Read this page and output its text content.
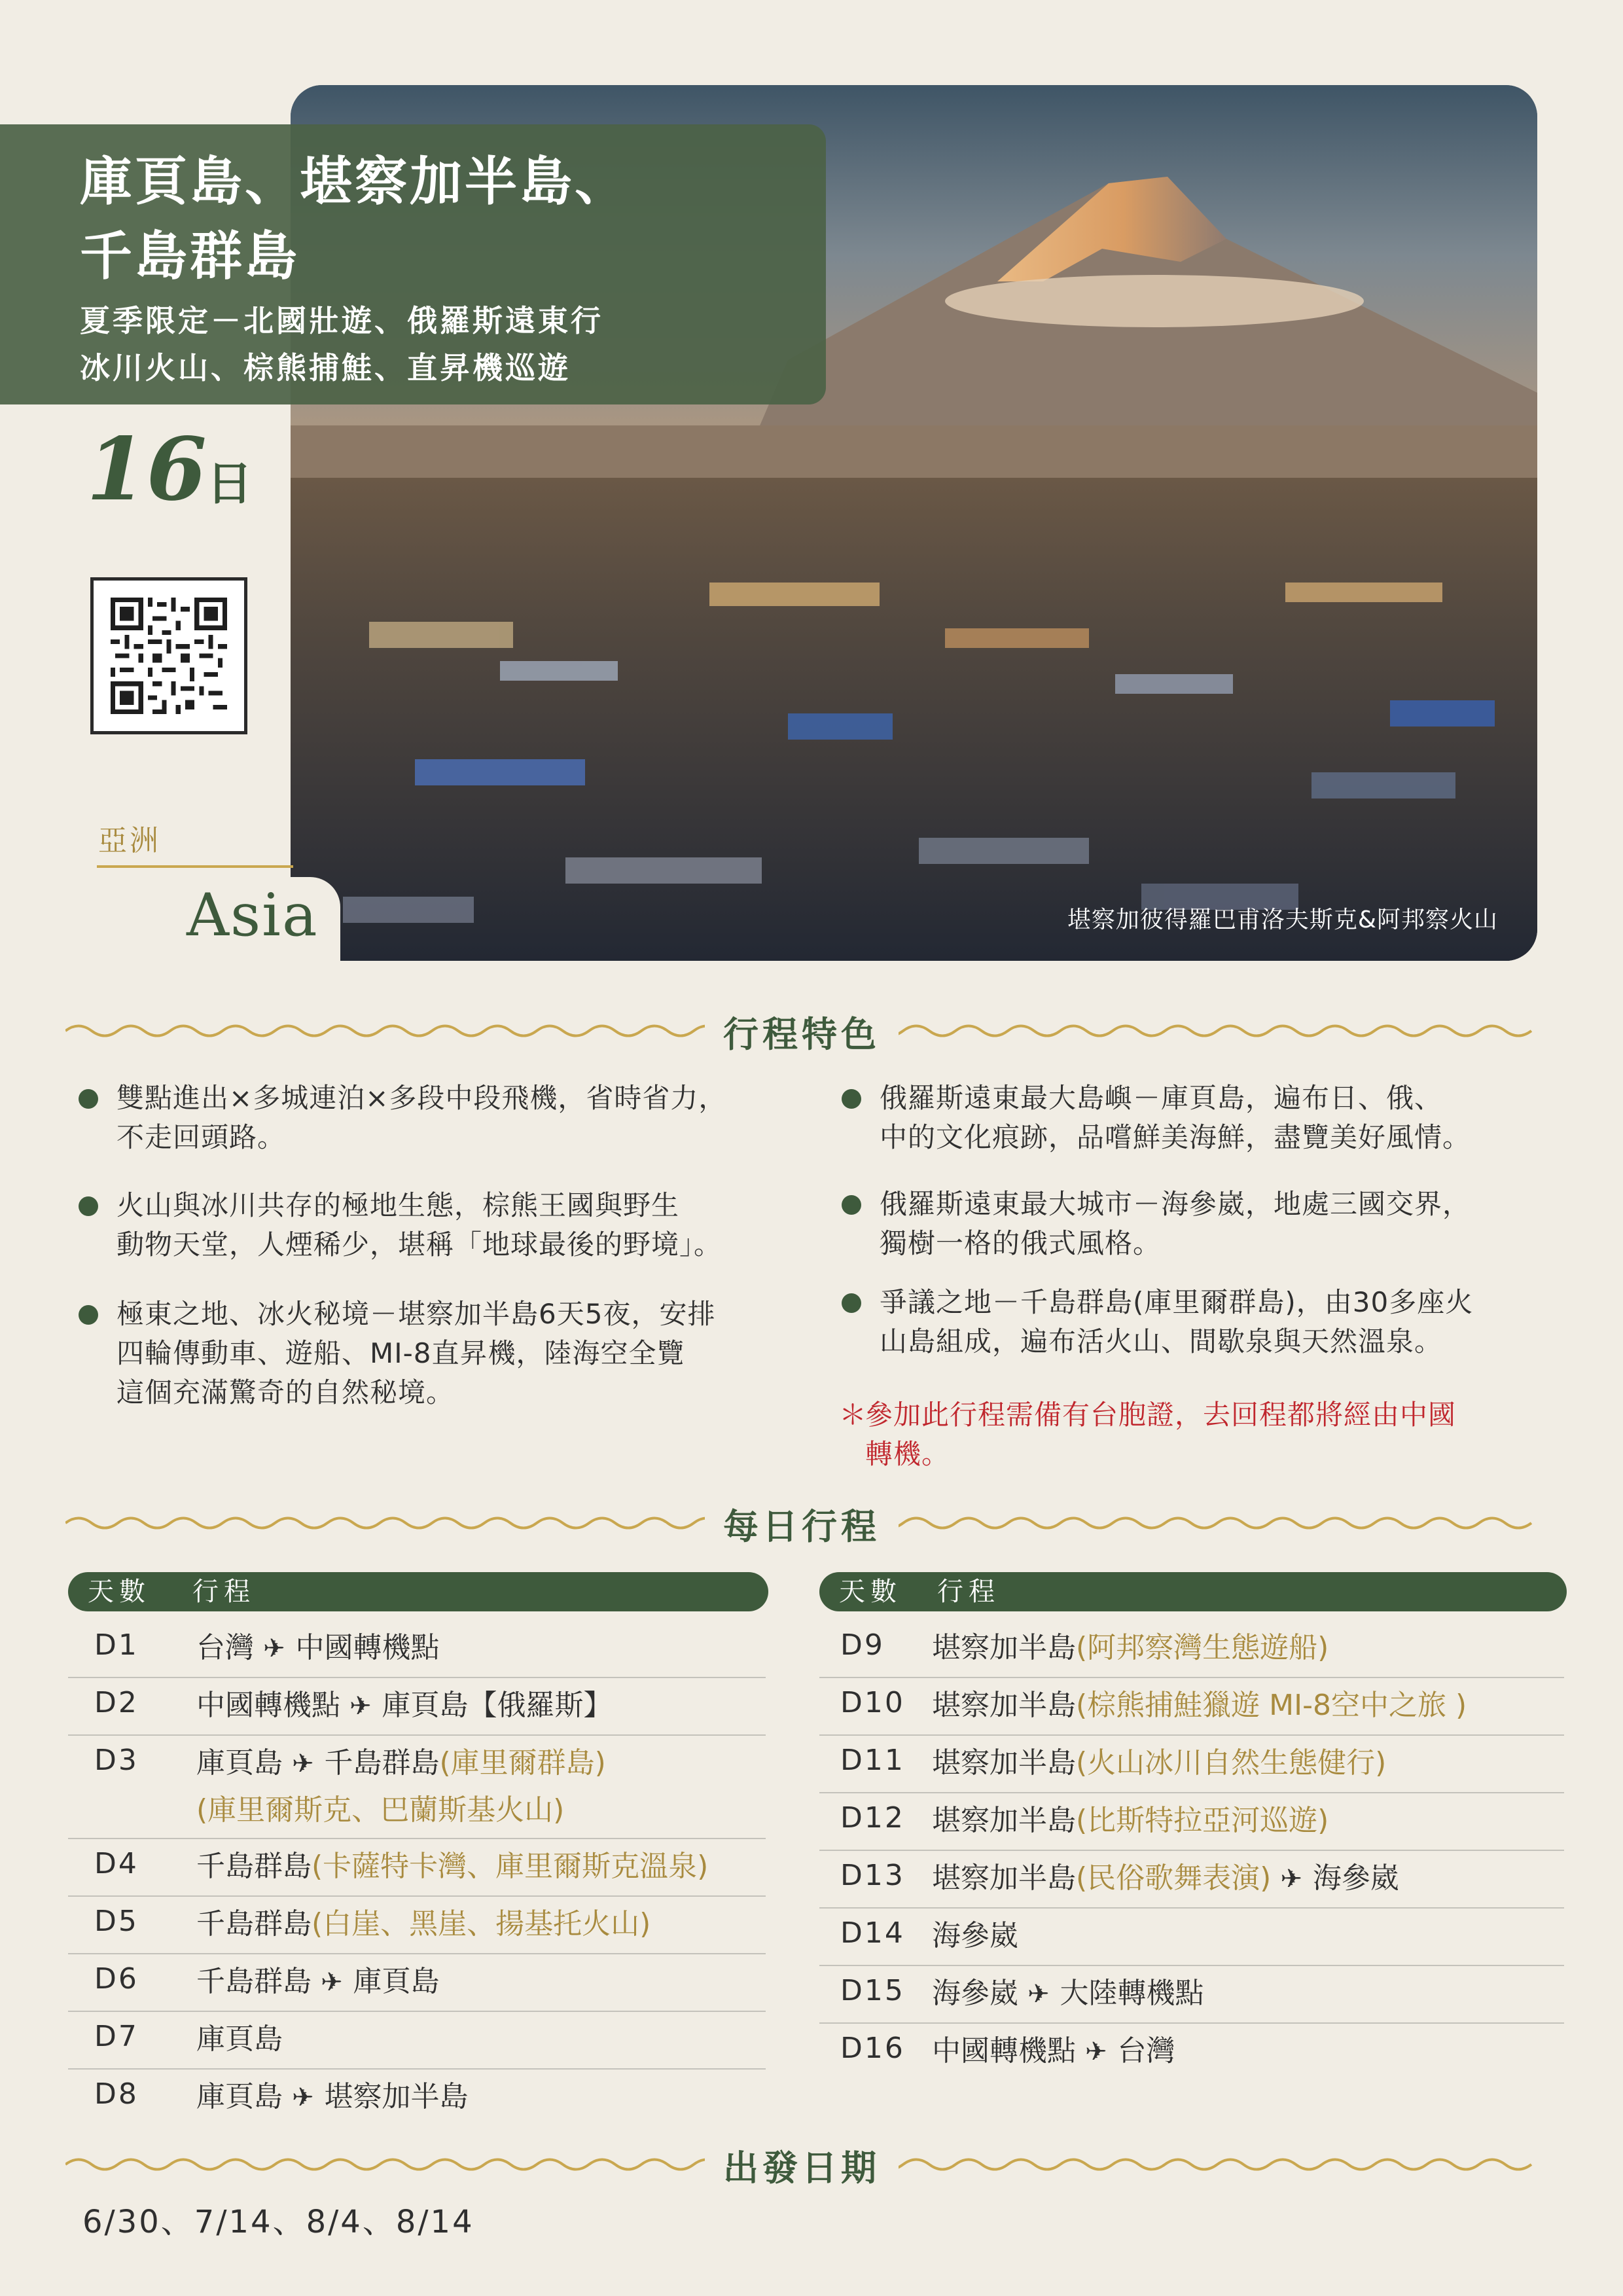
堪察加彼得羅巴甫洛夫斯克&阿邦察火山
庫頁島、堪察加半島、
千島群島
夏季限定－北國壯遊、俄羅斯遠東行
冰川火山、棕熊捕鮭、直昇機巡遊
16日
亞洲
Asia
行程特色
雙點進出×多城連泊×多段中段飛機，省時省力，
不走回頭路。
火山與冰川共存的極地生態，棕熊王國與野生
動物天堂，人煙稀少，堪稱「地球最後的野境」。
極東之地、冰火秘境－堪察加半島6天5夜，安排
四輪傳動車、遊船、MI-8直昇機，陸海空全覽
這個充滿驚奇的自然秘境。
俄羅斯遠東最大島嶼－庫頁島，遍布日、俄、
中的文化痕跡，品嚐鮮美海鮮，盡覽美好風情。
俄羅斯遠東最大城市－海參崴，地處三國交界，
獨樹一格的俄式風格。
爭議之地－千島群島(庫里爾群島)，由30多座火
山島組成，遍布活火山、間歇泉與天然溫泉。
＊
參加此行程需備有台胞證，去回程都將經由中國
轉機。
每日行程
天數 行程	天數 行程
D1 台灣 ✈ 中國轉機點
D2 中國轉機點 ✈ 庫頁島【俄羅斯】
D3 庫頁島 ✈ 千島群島(庫里爾群島)
(庫里爾斯克、巴蘭斯基火山)
D4 千島群島(卡薩特卡灣、庫里爾斯克溫泉)
D5 千島群島(白崖、黑崖、揚基托火山)
D6 千島群島 ✈ 庫頁島
D7 庫頁島
D8 庫頁島 ✈ 堪察加半島
D9 堪察加半島(阿邦察灣生態遊船)
D10 堪察加半島(棕熊捕鮭獵遊 MI-8空中之旅 )
D11 堪察加半島(火山冰川自然生態健行)
D12 堪察加半島(比斯特拉亞河巡遊)
D13 堪察加半島(民俗歌舞表演) ✈ 海參崴
D14 海參崴
D15 海參崴 ✈ 大陸轉機點
D16 中國轉機點 ✈ 台灣
出發日期
6/30、7/14、8/4、8/14
